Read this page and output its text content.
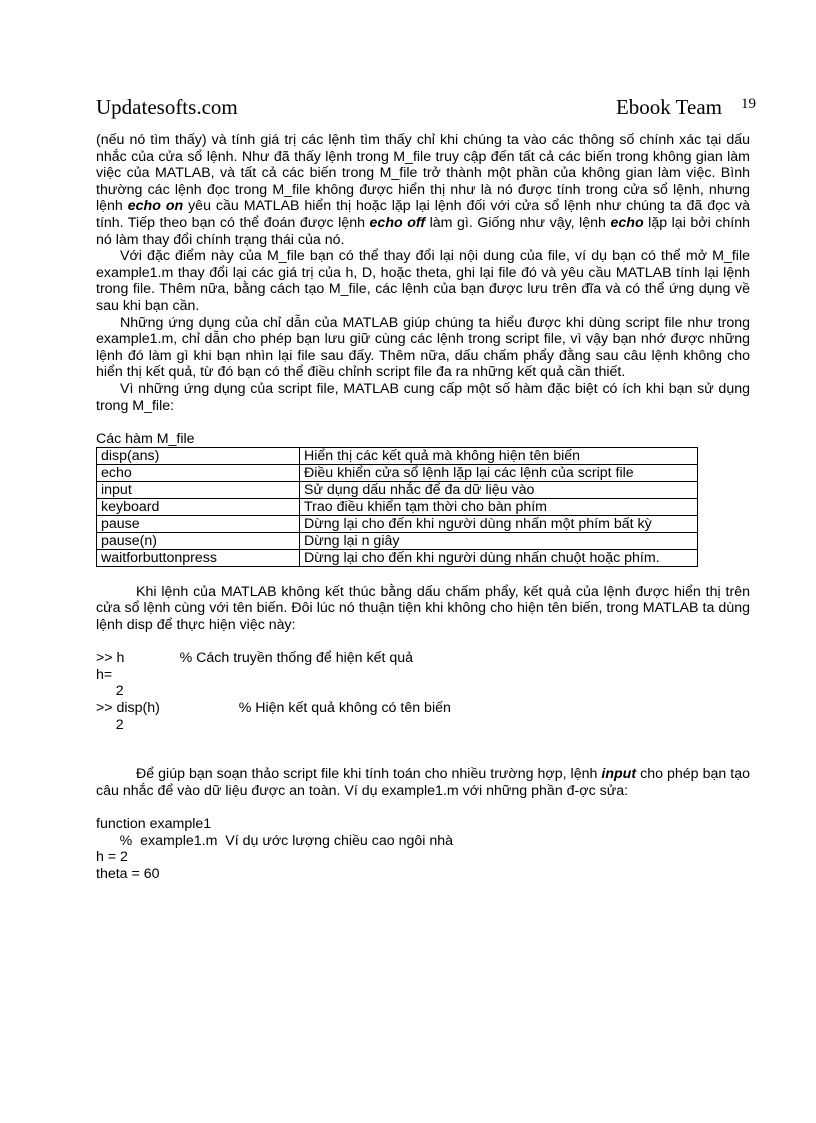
Updatesofts.com	Ebook Team 19

(nếu nó tìm thấy) và tính giá trị các lệnh tìm thấy chỉ khi chúng ta vào các thông số chính xác tại dấu nhắc của cửa sổ lệnh. Như đã thấy lệnh trong M_file truy cập đến tất cả các biến trong không gian làm việc của MATLAB, và tất cả các biến trong M_file trở thành một phần của không gian làm việc. Bình thường các lệnh đọc trong M_file không được hiển thị như là nó được tính trong cửa sổ lệnh, nhưng lệnh echo on yêu cầu MATLAB hiển thị hoặc lặp lại lệnh đối với cửa sổ lệnh như chúng ta đã đọc và tính. Tiếp theo bạn có thể đoán được lệnh echo off làm gì. Giống như vậy, lệnh echo lặp lại bởi chính nó làm thay đổi chính trạng thái của nó.

Với đặc điểm này của M_file bạn có thể thay đổi lại nội dung của file, ví dụ bạn có thể mở M_file example1.m thay đổi lại các giá trị của h, D, hoặc theta, ghi lại file đó và yêu cầu MATLAB tính lại lệnh trong file. Thêm nữa, bằng cách tạo M_file, các lệnh của bạn được lưu trên đĩa và có thể ứng dụng về sau khi bạn cần.

Những ứng dụng của chỉ dẫn của MATLAB giúp chúng ta hiểu được khi dùng script file như trong example1.m, chỉ dẫn cho phép bạn lưu giữ cùng các lệnh trong script file, vì vậy bạn nhớ được những lệnh đó làm gì khi bạn nhìn lại file sau đấy. Thêm nữa, dấu chấm phẩy đằng sau câu lệnh không cho hiển thị kết quả, từ đó bạn có thể điều chỉnh script file đa ra những kết quả cần thiết.

Vì những ứng dụng của script file, MATLAB cung cấp một số hàm đặc biệt có ích khi bạn sử dụng trong M_file:

Các hàm M_file
disp(ans)	Hiển thị các kết quả mà không hiện tên biến
echo	Điều khiển cửa sổ lệnh lặp lại các lệnh của script file
input	Sử dụng dấu nhắc để đa dữ liệu vào
keyboard	Trao điều khiển tạm thời cho bàn phím
pause	Dừng lại cho đến khi người dùng nhấn một phím bất kỳ
pause(n)	Dừng lại n giây
waitforbuttonpress	Dừng lại cho đến khi người dùng nhấn chuột hoặc phím.

Khi lệnh của MATLAB không kết thúc bằng dấu chấm phẩy, kết quả của lệnh được hiển thị trên cửa sổ lệnh cùng với tên biến. Đôi lúc nó thuận tiện khi không cho hiện tên biến, trong MATLAB ta dùng lệnh disp để thực hiện việc này:

>> h              % Cách truyền thống để hiện kết quả
h=
2
>> disp(h)                    % Hiện kết quả không có tên biến
2

Để giúp bạn soạn thảo script file khi tính toán cho nhiều trường hợp, lệnh input cho phép bạn tạo câu nhắc để vào dữ liệu được an toàn. Ví dụ example1.m với những phần đ-ợc sửa:

function example1
%  example1.m  Ví dụ ước lượng chiều cao ngôi nhà
h = 2
theta = 60
